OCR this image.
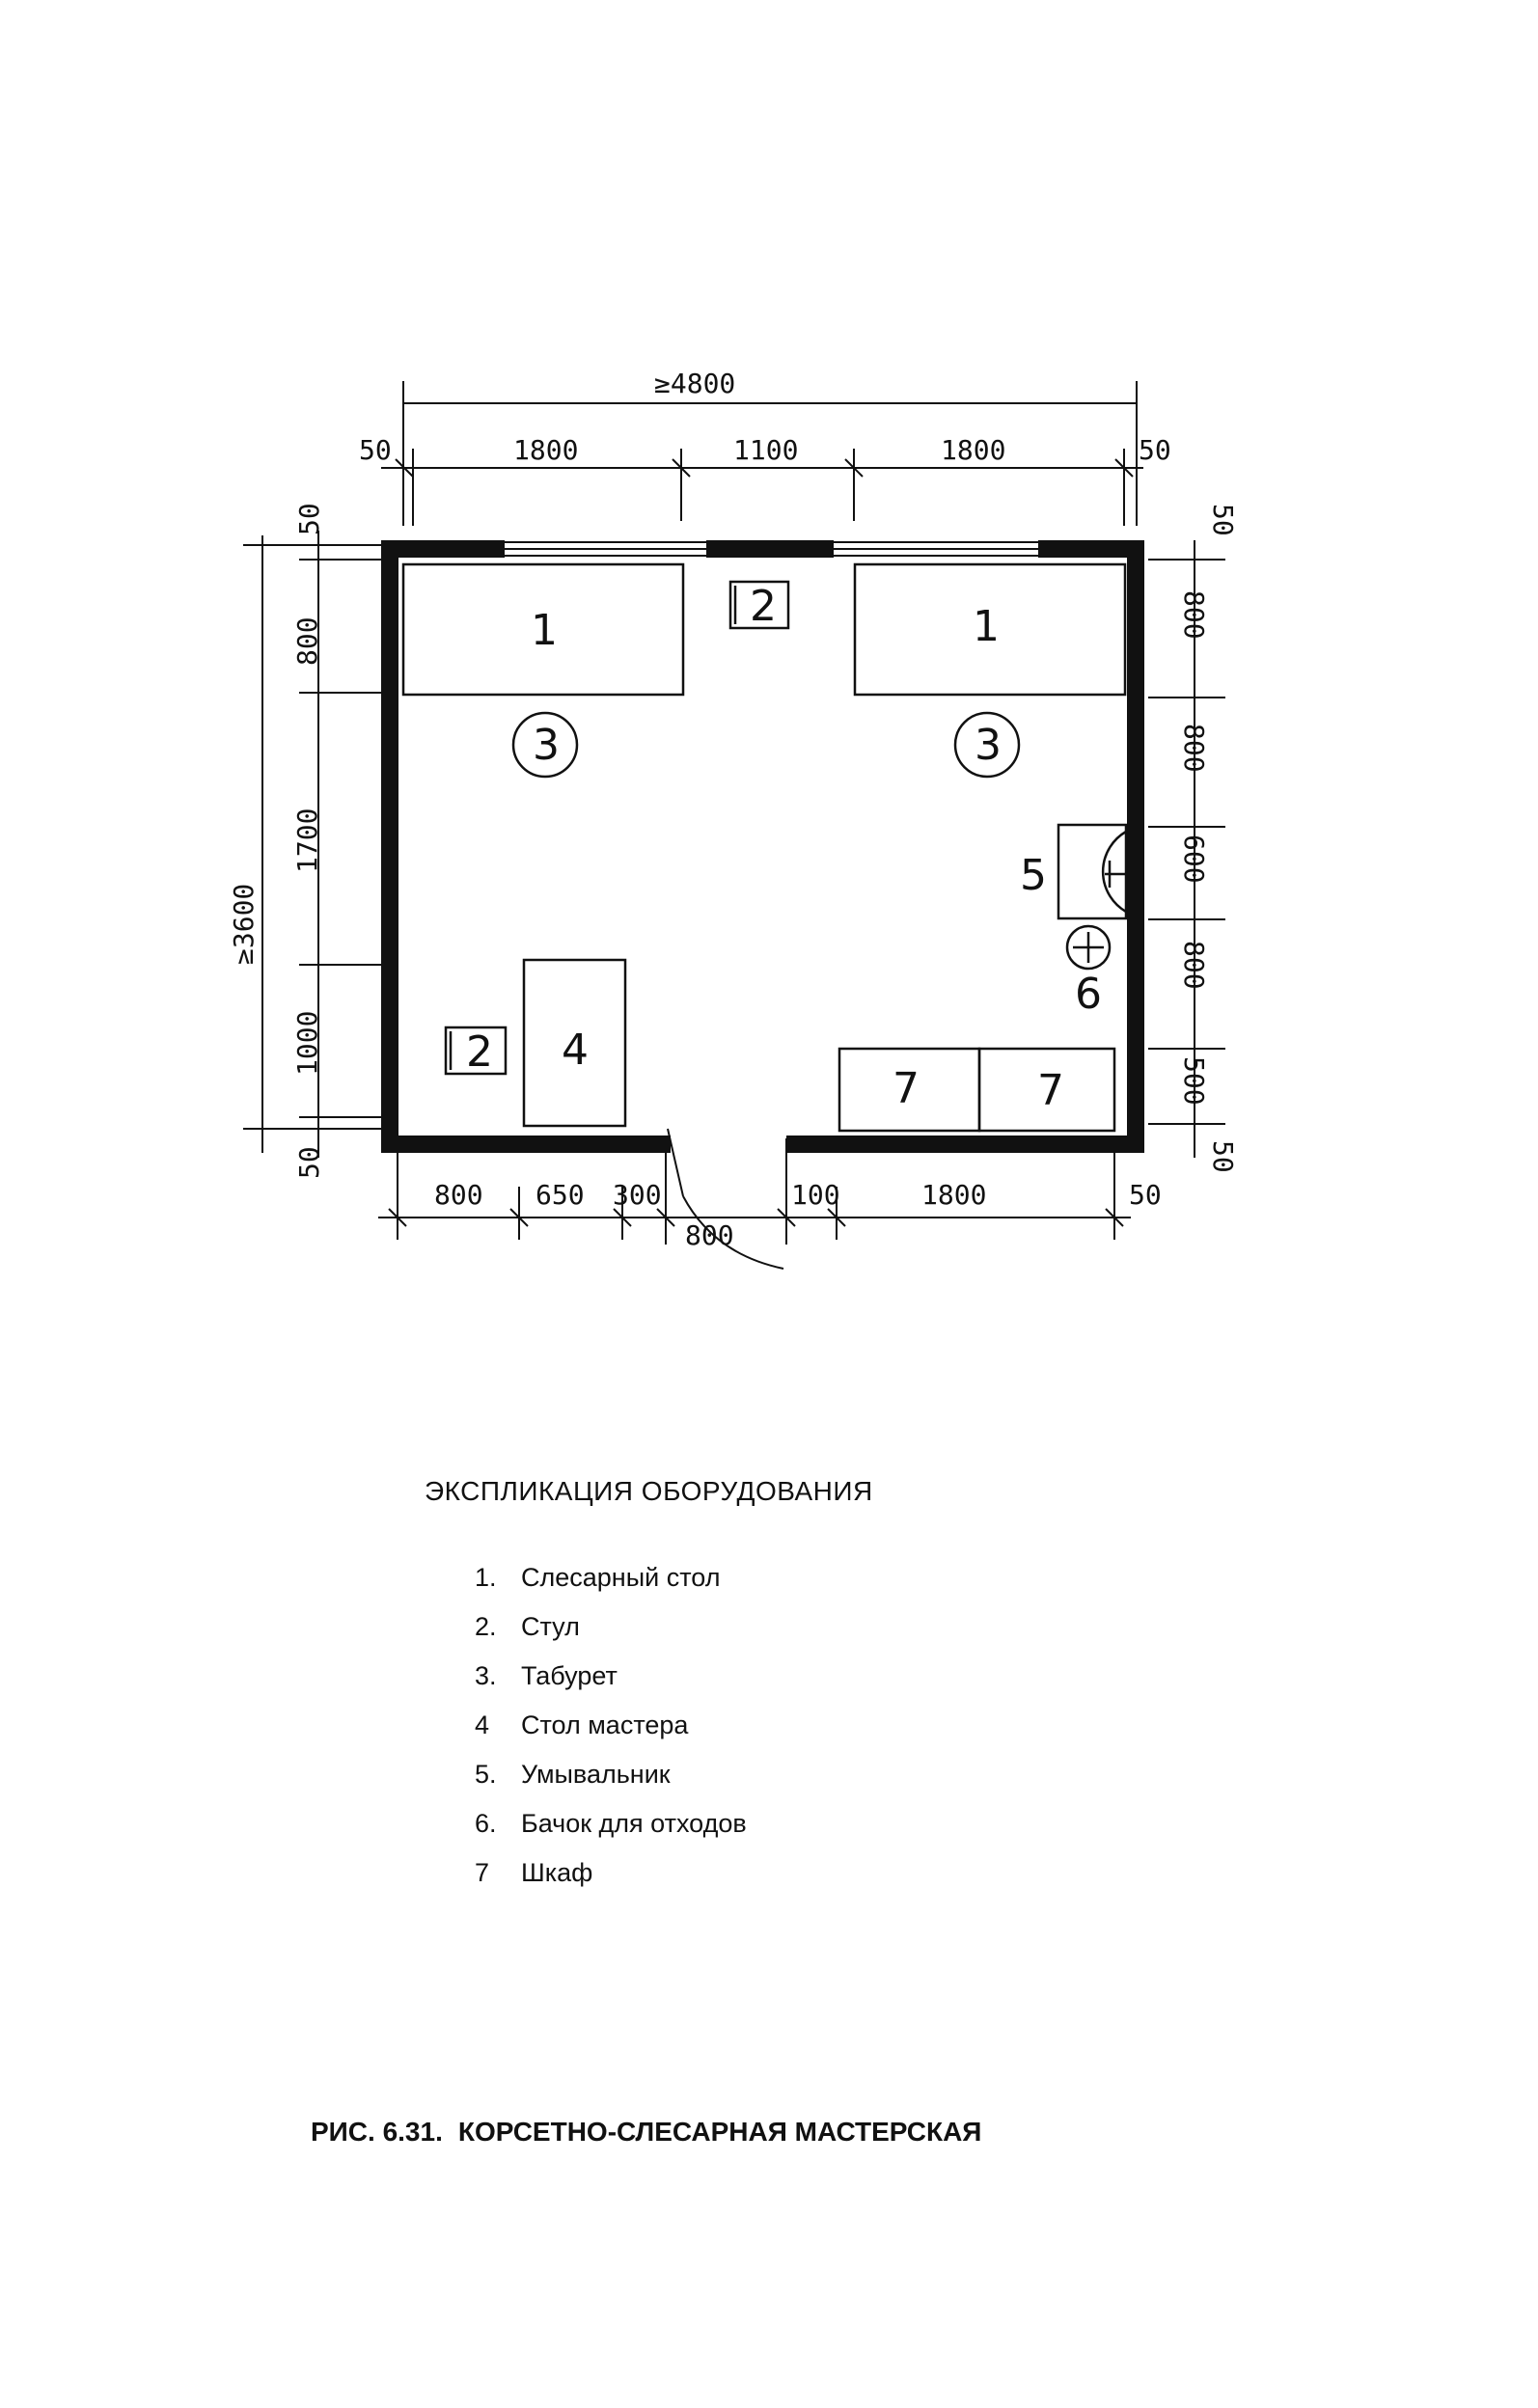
≥4800
50	1800	1100	1800	50
≥3600
50
800
1700
1000
50
50
800
800
600
800
500
50
800 650 300
800
100	1800	50
1	1
2
3	3
4
2
5
6
7	7
ЭКСПЛИКАЦИЯ ОБОРУДОВАНИЯ
1. Слесарный стол
2. Стул
3. Табурет
4 Стол мастера
5. Умывальник
6. Бачок для отходов
7 Шкаф
РИС. 6.31. КОРСЕТНО-СЛЕСАРНАЯ МАСТЕРСКАЯ
